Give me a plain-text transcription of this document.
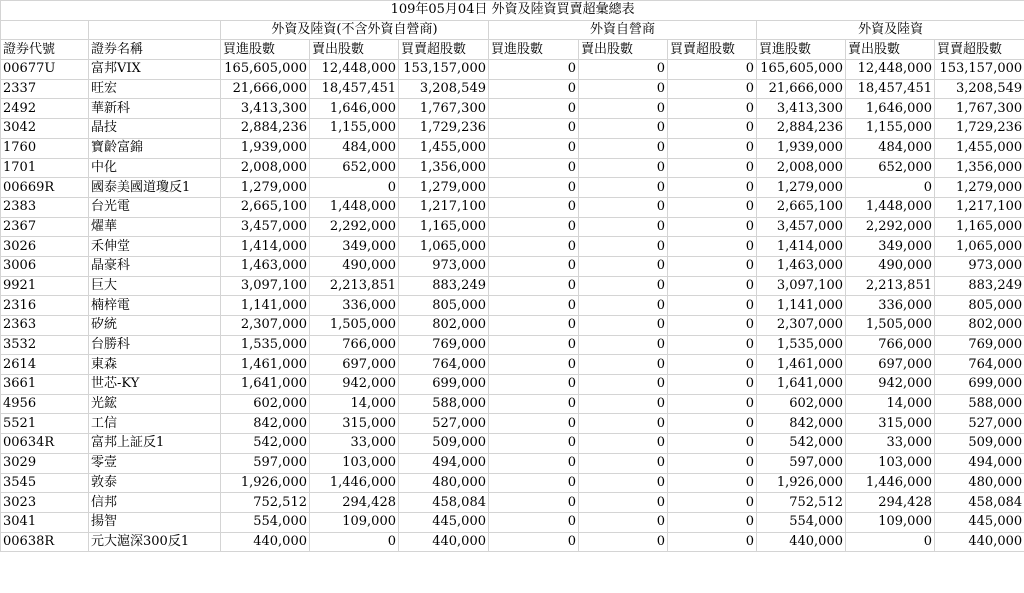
109年05月04日 外資及陸資買賣超彙總表										
		外資及陸資(不含外資自營商)			外資自營商			外資及陸資		
證券代號	證券名稱	買進股數	賣出股數	買賣超股數	買進股數	賣出股數	買賣超股數	買進股數	賣出股數	買賣超股數
00677U	富邦VIX	165,605,000	12,448,000	153,157,000	0	0	0	165,605,000	12,448,000	153,157,000
2337	旺宏	21,666,000	18,457,451	3,208,549	0	0	0	21,666,000	18,457,451	3,208,549
2492	華新科	3,413,300	1,646,000	1,767,300	0	0	0	3,413,300	1,646,000	1,767,300
3042	晶技	2,884,236	1,155,000	1,729,236	0	0	0	2,884,236	1,155,000	1,729,236
1760	寶齡富錦	1,939,000	484,000	1,455,000	0	0	0	1,939,000	484,000	1,455,000
1701	中化	2,008,000	652,000	1,356,000	0	0	0	2,008,000	652,000	1,356,000
00669R	國泰美國道瓊反1	1,279,000	0	1,279,000	0	0	0	1,279,000	0	1,279,000
2383	台光電	2,665,100	1,448,000	1,217,100	0	0	0	2,665,100	1,448,000	1,217,100
2367	燿華	3,457,000	2,292,000	1,165,000	0	0	0	3,457,000	2,292,000	1,165,000
3026	禾伸堂	1,414,000	349,000	1,065,000	0	0	0	1,414,000	349,000	1,065,000
3006	晶豪科	1,463,000	490,000	973,000	0	0	0	1,463,000	490,000	973,000
9921	巨大	3,097,100	2,213,851	883,249	0	0	0	3,097,100	2,213,851	883,249
2316	楠梓電	1,141,000	336,000	805,000	0	0	0	1,141,000	336,000	805,000
2363	矽統	2,307,000	1,505,000	802,000	0	0	0	2,307,000	1,505,000	802,000
3532	台勝科	1,535,000	766,000	769,000	0	0	0	1,535,000	766,000	769,000
2614	東森	1,461,000	697,000	764,000	0	0	0	1,461,000	697,000	764,000
3661	世芯-KY	1,641,000	942,000	699,000	0	0	0	1,641,000	942,000	699,000
4956	光鋐	602,000	14,000	588,000	0	0	0	602,000	14,000	588,000
5521	工信	842,000	315,000	527,000	0	0	0	842,000	315,000	527,000
00634R	富邦上証反1	542,000	33,000	509,000	0	0	0	542,000	33,000	509,000
3029	零壹	597,000	103,000	494,000	0	0	0	597,000	103,000	494,000
3545	敦泰	1,926,000	1,446,000	480,000	0	0	0	1,926,000	1,446,000	480,000
3023	信邦	752,512	294,428	458,084	0	0	0	752,512	294,428	458,084
3041	揚智	554,000	109,000	445,000	0	0	0	554,000	109,000	445,000
00638R	元大滬深300反1	440,000	0	440,000	0	0	0	440,000	0	440,000
